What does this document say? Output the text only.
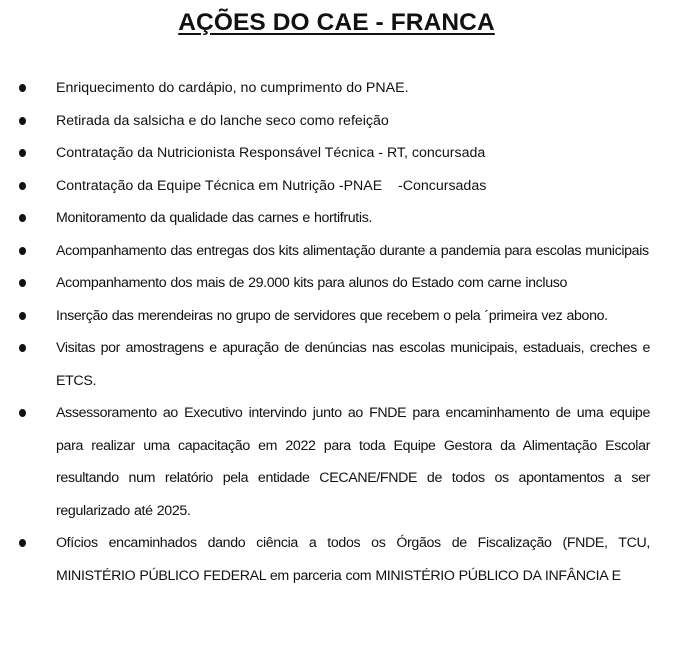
AÇÕES DO CAE - FRANCA
Enriquecimento do cardápio, no cumprimento do PNAE.
Retirada da salsicha e do lanche seco como refeição
Contratação da Nutricionista Responsável Técnica - RT, concursada
Contratação da Equipe Técnica em Nutrição -PNAE    -Concursadas
Monitoramento da qualidade das carnes e hortifrutis.
Acompanhamento das entregas dos kits alimentação durante a pandemia para escolas municipais
Acompanhamento dos mais de 29.000 kits para alunos do Estado com carne incluso
Inserção das merendeiras no grupo de servidores que recebem o pela ´primeira vez abono.
Visitas por amostragens e apuração de denúncias nas escolas municipais, estaduais, creches e ETCS.
Assessoramento ao Executivo intervindo junto ao FNDE para encaminhamento de uma equipe para realizar uma capacitação em 2022 para toda Equipe Gestora da Alimentação Escolar resultando num relatório pela entidade CECANE/FNDE de todos os apontamentos a ser regularizado até 2025.
Ofícios encaminhados dando ciência a todos os Órgãos de Fiscalização (FNDE, TCU, MINISTÉRIO PÚBLICO FEDERAL em parceria com MINISTÉRIO PÚBLICO DA INFÂNCIA E
